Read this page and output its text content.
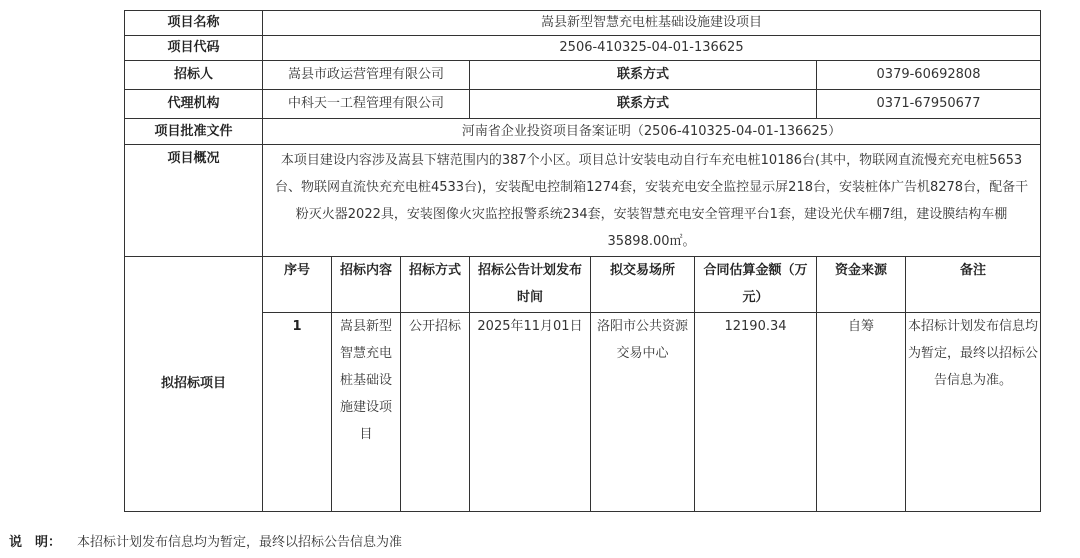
项目名称	嵩县新型智慧充电桩基础设施建设项目							
项目代码	2506-410325-04-01-136625							
招标人	嵩县市政运营管理有限公司			联系方式			0379-60692808	
代理机构	中科天一工程管理有限公司			联系方式			0371-67950677	
项目批准文件	河南省企业投资项目备案证明（2506-410325-04-01-136625）							
项目概况	本项目建设内容涉及嵩县下辖范围内的387个小区。项目总计安装电动自行车充电桩10186台(其中，物联网直流慢充充电桩5653台、物联网直流快充充电桩4533台)，安装配电控制箱1274套，安装充电安全监控显示屏218台，安装桩体广告机8278台，配备干粉灭火器2022具，安装图像火灾监控报警系统234套，安装智慧充电安全管理平台1套，建设光伏车棚7组，建设膜结构车棚35898.00㎡。							
拟招标项目	序号	招标内容	招标方式	招标公告计划发布时间	拟交易场所	合同估算金额（万元）	资金来源	备注
	1	嵩县新型智慧充电桩基础设施建设项目	公开招标	2025年11月01日	洛阳市公共资源交易中心	12190.34	自筹	本招标计划发布信息均为暂定，最终以招标公告信息为准。
说　明： 本招标计划发布信息均为暂定，最终以招标公告信息为准
